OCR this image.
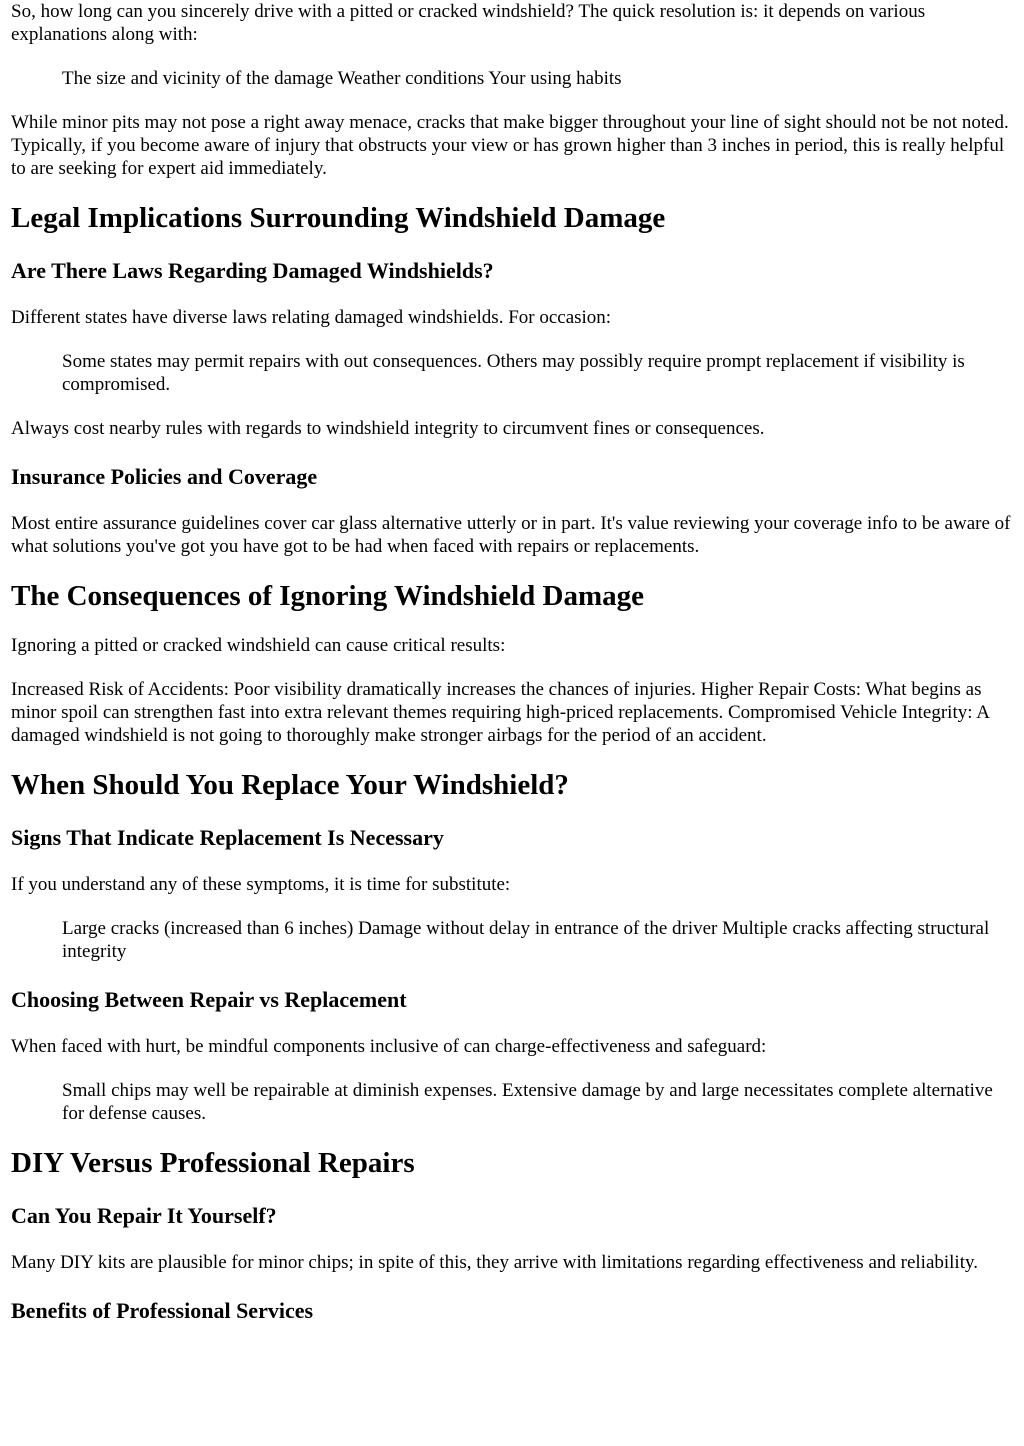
So, how long can you sincerely drive with a pitted or cracked windshield? The quick resolution is: it depends on various explanations along with:

The size and vicinity of the damage Weather conditions Your using habits

While minor pits may not pose a right away menace, cracks that make bigger throughout your line of sight should not be not noted. Typically, if you become aware of injury that obstructs your view or has grown higher than 3 inches in period, this is really helpful to are seeking for expert aid immediately.

Legal Implications Surrounding Windshield Damage
Are There Laws Regarding Damaged Windshields?

Different states have diverse laws relating damaged windshields. For occasion:

Some states may permit repairs with out consequences. Others may possibly require prompt replacement if visibility is compromised.

Always cost nearby rules with regards to windshield integrity to circumvent fines or consequences.

Insurance Policies and Coverage

Most entire assurance guidelines cover car glass alternative utterly or in part. It's value reviewing your coverage info to be aware of what solutions you've got you have got to be had when faced with repairs or replacements.

The Consequences of Ignoring Windshield Damage

Ignoring a pitted or cracked windshield can cause critical results:

Increased Risk of Accidents: Poor visibility dramatically increases the chances of injuries. Higher Repair Costs: What begins as minor spoil can strengthen fast into extra relevant themes requiring high-priced replacements. Compromised Vehicle Integrity: A damaged windshield is not going to thoroughly make stronger airbags for the period of an accident.

When Should You Replace Your Windshield?
Signs That Indicate Replacement Is Necessary

If you understand any of these symptoms, it is time for substitute:

Large cracks (increased than 6 inches) Damage without delay in entrance of the driver Multiple cracks affecting structural integrity

Choosing Between Repair vs Replacement

When faced with hurt, be mindful components inclusive of can charge-effectiveness and safeguard:

Small chips may well be repairable at diminish expenses. Extensive damage by and large necessitates complete alternative for defense causes.

DIY Versus Professional Repairs
Can You Repair It Yourself?

Many DIY kits are plausible for minor chips; in spite of this, they arrive with limitations regarding effectiveness and reliability.

Benefits of Professional Services
